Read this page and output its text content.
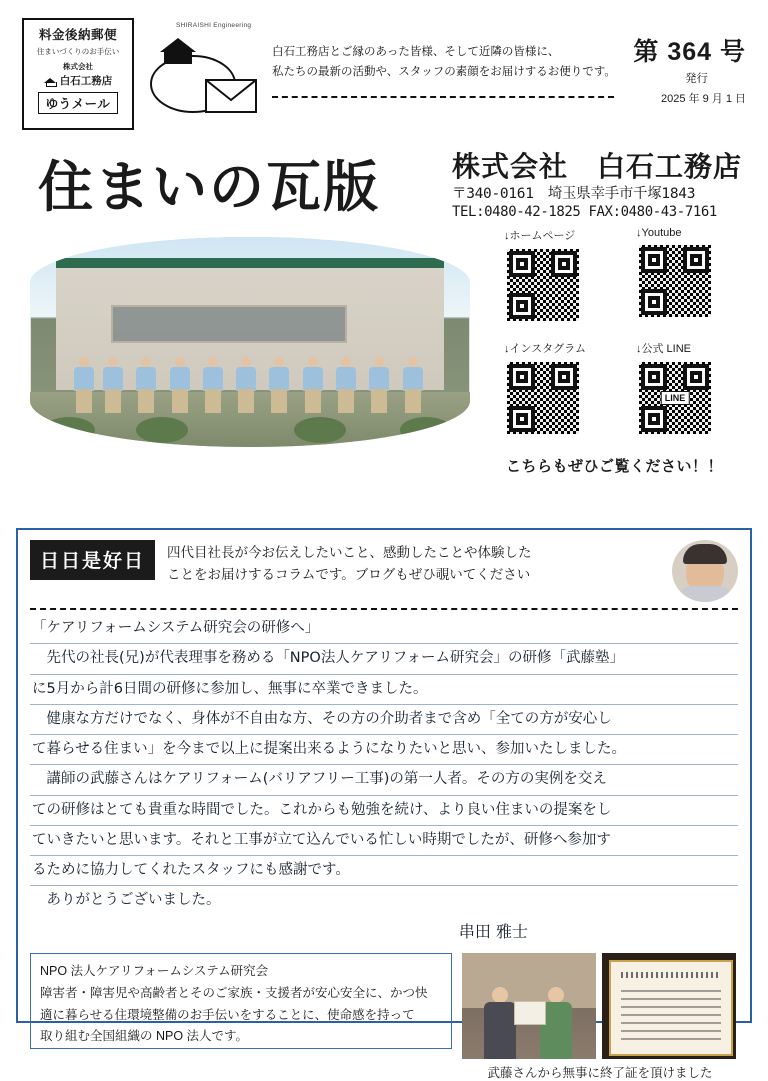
料金後納郵便
住まいづくりのお手伝い
株式会社
白石工務店
ゆうメール
SHIRAISHI Engineering
白石工務店とご縁のあった皆様、そして近隣の皆様に、
私たちの最新の活動や、スタッフの素顔をお届けするお便りです。
第 364 号
発行
2025 年 9 月 1 日
住まいの瓦版	株式会社　白石工務店
〒340-0161　埼玉県幸手市千塚1843
TEL:0480-42-1825 FAX:0480-43-7161
↓ホームページ	↓Youtube
↓インスタグラム	↓公式 LINE
LINE
こちらもぜひご覧ください！！
日日是好日	四代目社長が今お伝えしたいこと、感動したことや体験した
ことをお届けするコラムです。ブログもぜひ覗いてください
「ケアリフォームシステム研究会の研修へ」
　先代の社長(兄)が代表理事を務める「NPO法人ケアリフォーム研究会」の研修「武藤塾」
に5月から計6日間の研修に参加し、無事に卒業できました。
　健康な方だけでなく、身体が不自由な方、その方の介助者まで含め「全ての方が安心し
て暮らせる住まい」を今まで以上に提案出来るようになりたいと思い、参加いたしました。
　講師の武藤さんはケアリフォーム(バリアフリー工事)の第一人者。その方の実例を交え
ての研修はとても貴重な時間でした。これからも勉強を続け、より良い住まいの提案をし
ていきたいと思います。それと工事が立て込んでいる忙しい時期でしたが、研修へ参加す
るために協力してくれたスタッフにも感謝です。
　ありがとうございました。
串田 雅士
NPO 法人ケアリフォームシステム研究会
障害者・障害児や高齢者とそのご家族・支援者が安心安全に、かつ快
適に暮らせる住環境整備のお手伝いをすることに、使命感を持って
取り組む全国組織の NPO 法人です。
武藤さんから無事に終了証を頂けました
